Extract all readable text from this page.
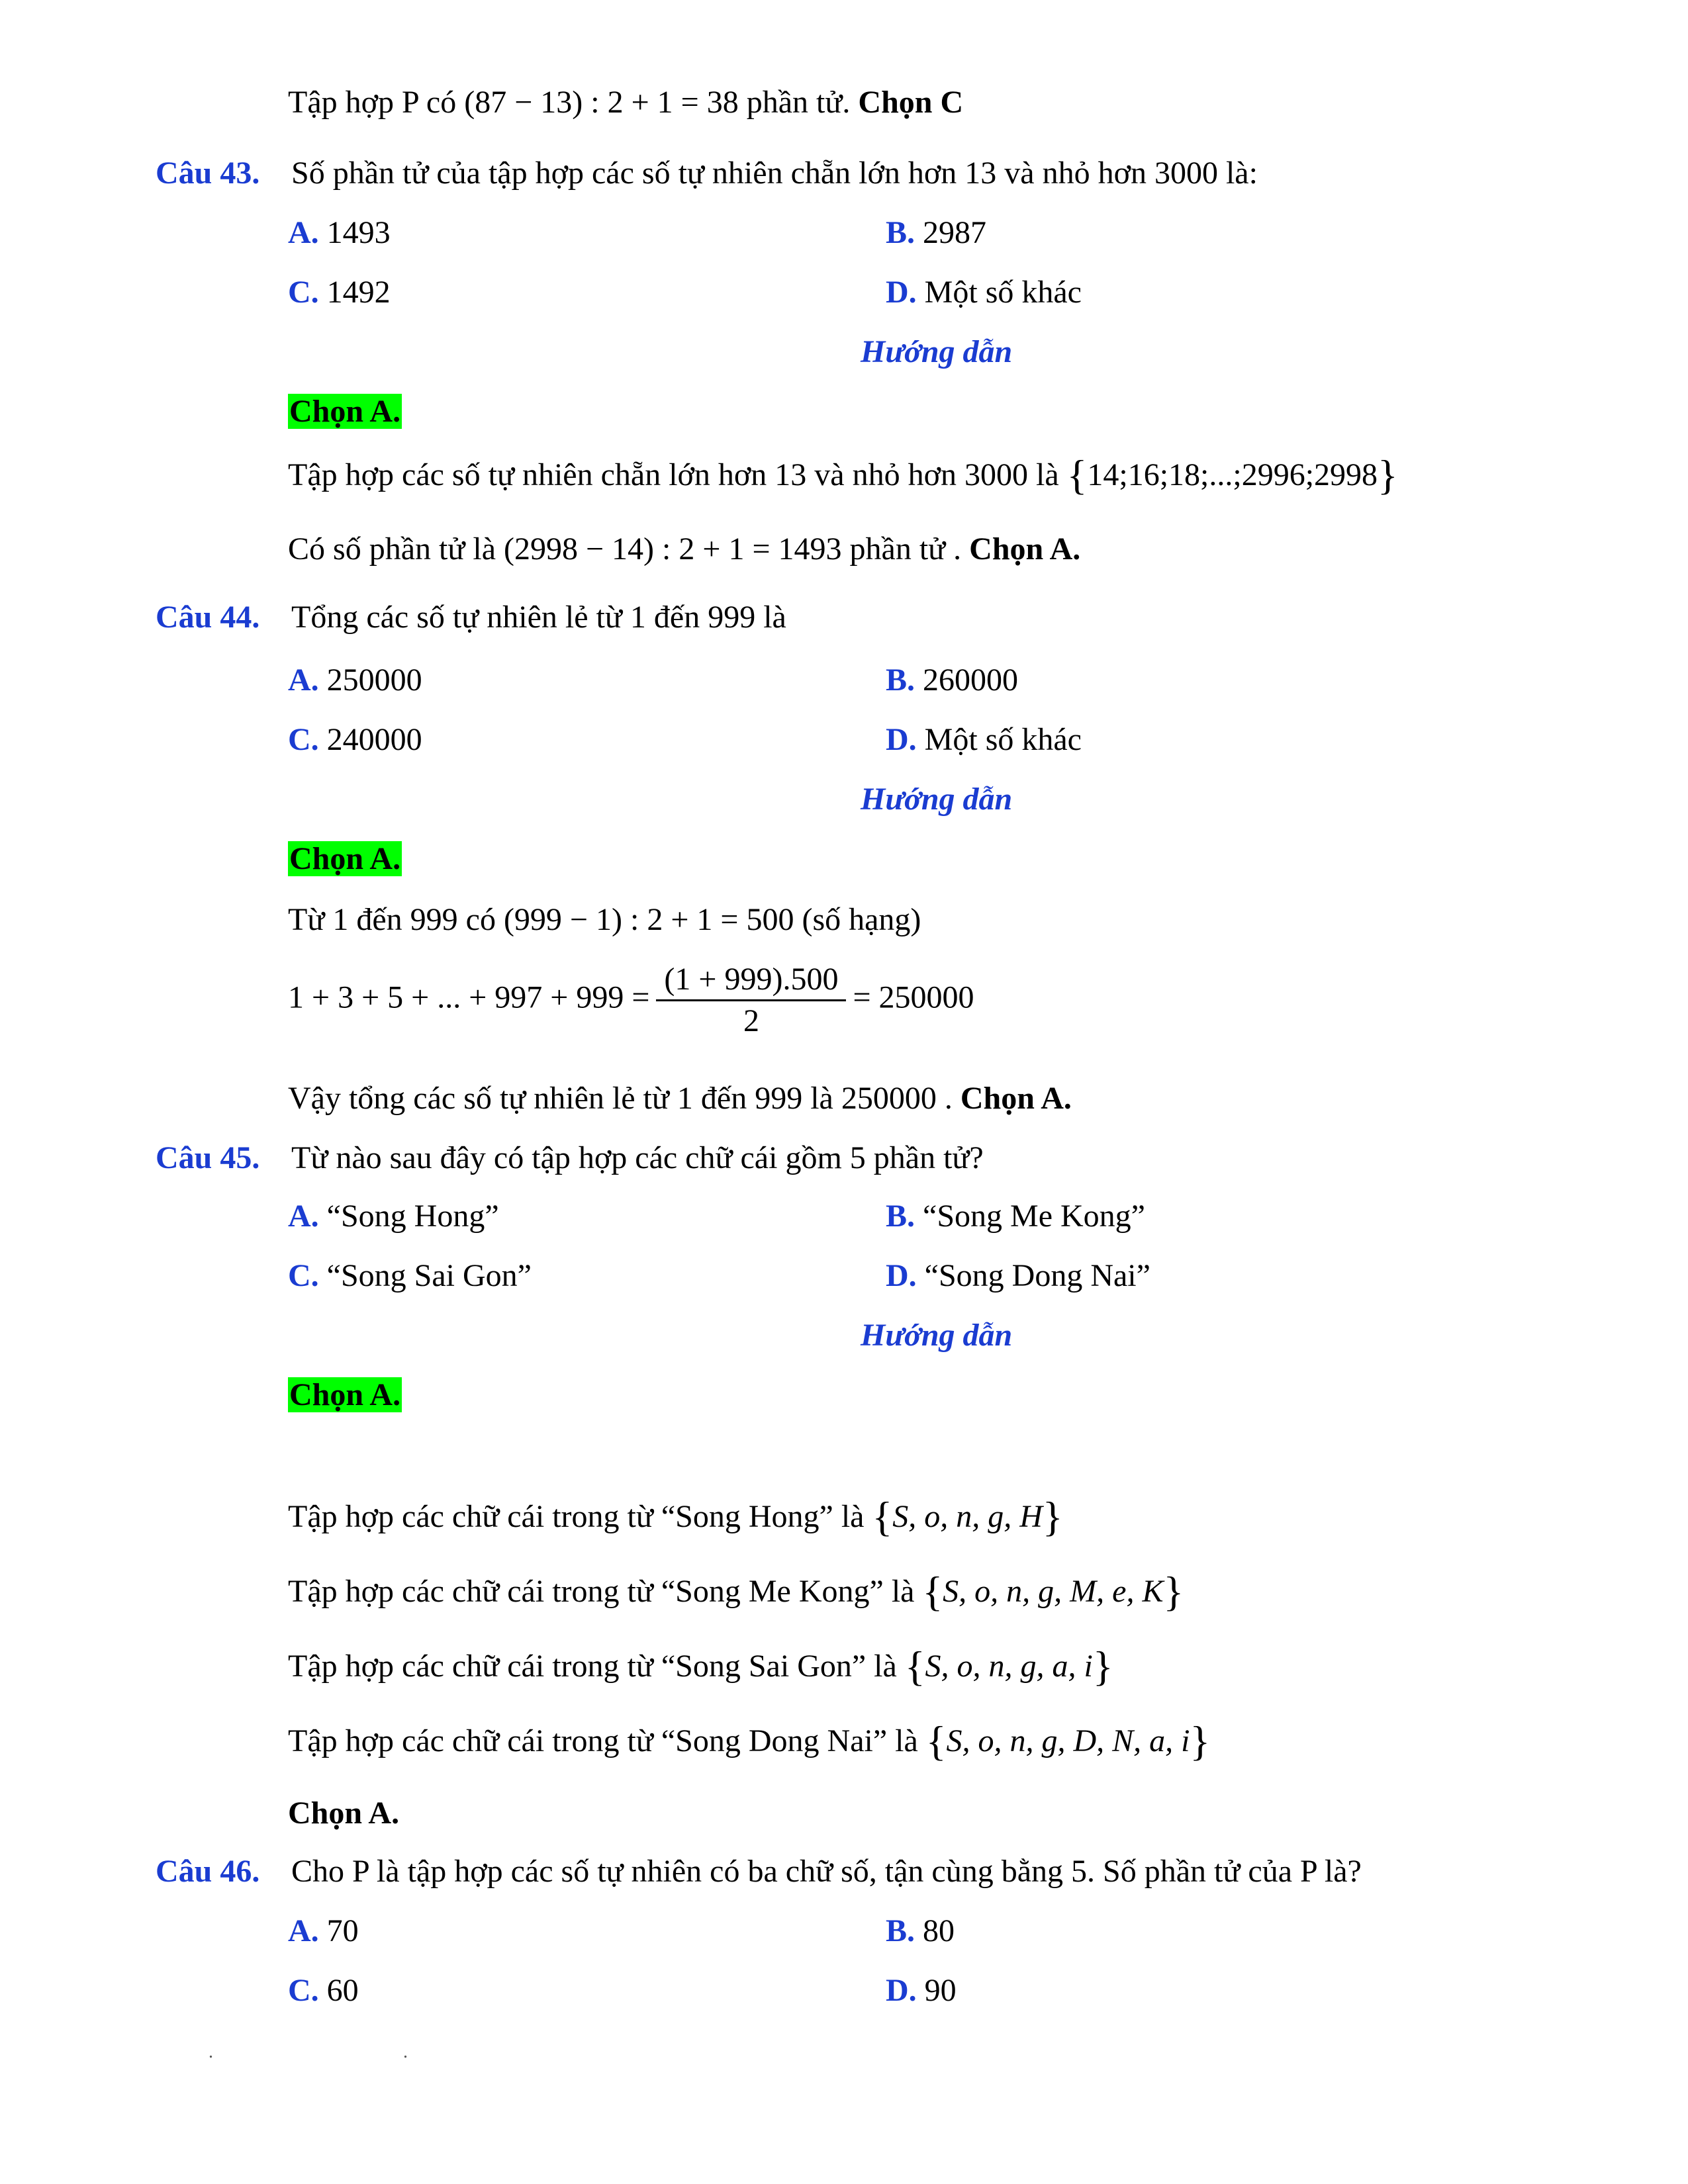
Tập hợp P có (87 − 13) : 2 + 1 = 38 phần tử. Chọn C
Câu 43. Số phần tử của tập hợp các số tự nhiên chẵn lớn hơn 13 và nhỏ hơn 3000 là:
A. 1493	B. 2987
C. 1492	D. Một số khác
Hướng dẫn
Chọn A.
Tập hợp các số tự nhiên chẵn lớn hơn 13 và nhỏ hơn 3000 là {14;16;18;...;2996;2998}
Có số phần tử là (2998 − 14) : 2 + 1 = 1493 phần tử . Chọn A.
Câu 44. Tổng các số tự nhiên lẻ từ 1 đến 999 là
A. 250000	B. 260000
C. 240000	D. Một số khác
Hướng dẫn
Chọn A.
Từ 1 đến 999 có (999 − 1) : 2 + 1 = 500 (số hạng)
1 + 3 + 5 + ... + $997 + 999 = \frac{(1 + 999).500}{2} = 250000$
Vậy tổng các số tự nhiên lẻ từ 1 đến 999 là 250000 . Chọn A.
Câu 45. Từ nào sau đây có tập hợp các chữ cái gồm 5 phần tử?
A. “Song Hong”	B. “Song Me Kong”
C. “Song Sai Gon”	D. “Song Dong Nai”
Hướng dẫn
Chọn A.
Tập hợp các chữ cái trong từ “Song Hong” là {S, o, n, g, H}
Tập hợp các chữ cái trong từ “Song Me Kong” là {S, o, n, g, M, e, K}
Tập hợp các chữ cái trong từ “Song Sai Gon” là {S, o, n, g, a, i}
Tập hợp các chữ cái trong từ “Song Dong Nai” là {S, o, n, g, D, N, a, i}
Chọn A.
Câu 46. Cho P là tập hợp các số tự nhiên có ba chữ số, tận cùng bằng 5. Số phần tử của P là?
A. 70	B. 80
C. 60	D. 90
. .
